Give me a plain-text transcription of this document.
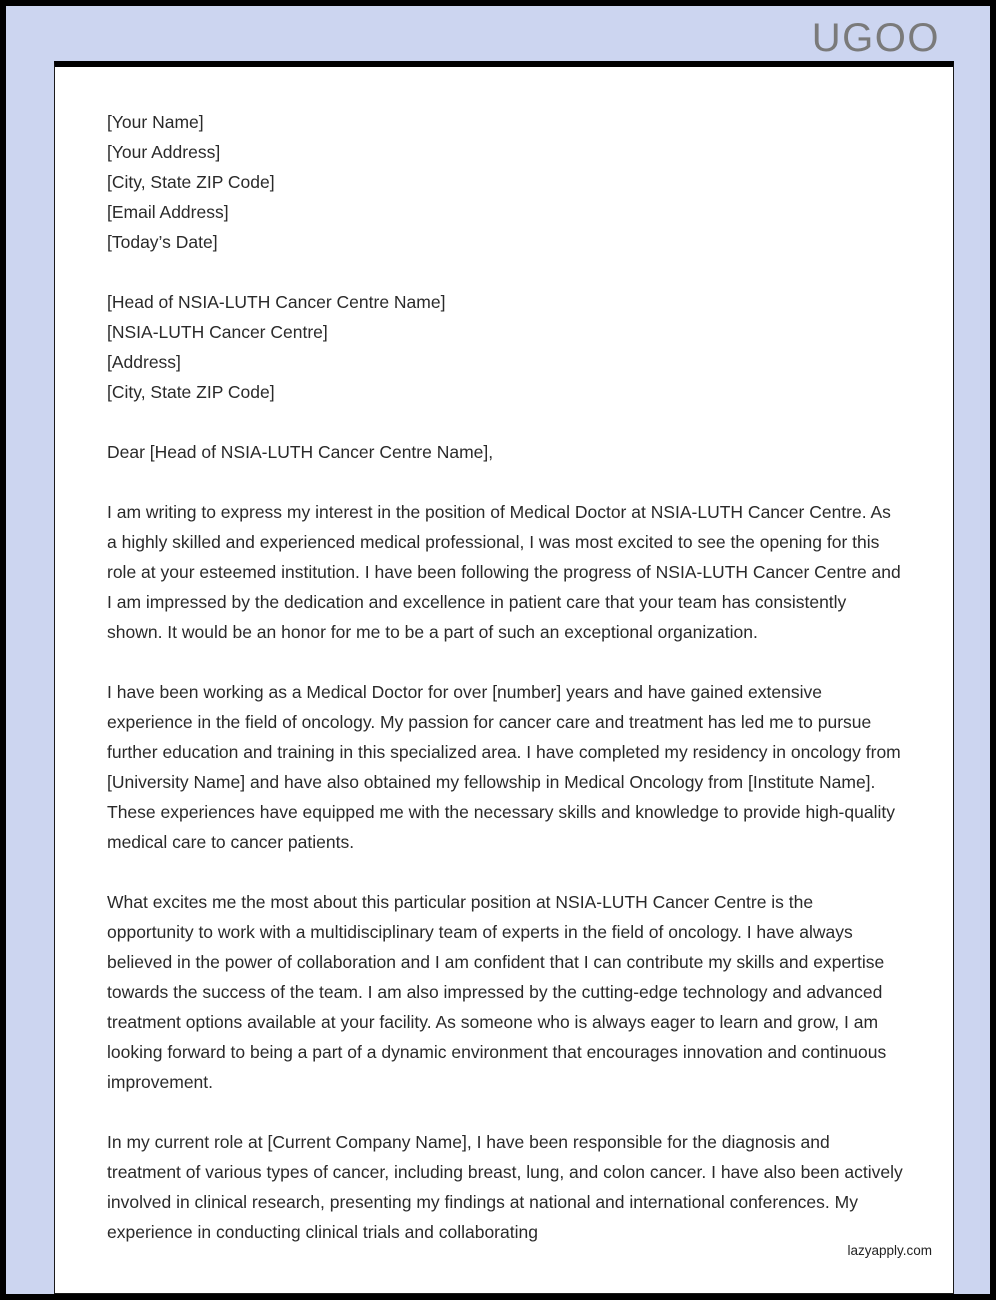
UGOO
[Your Name]
[Your Address]
[City, State ZIP Code]
[Email Address]
[Today’s Date]
[Head of NSIA-LUTH Cancer Centre Name]
[NSIA-LUTH Cancer Centre]
[Address]
[City, State ZIP Code]
Dear [Head of NSIA-LUTH Cancer Centre Name],

I am writing to express my interest in the position of Medical Doctor at NSIA-LUTH Cancer Centre. As a highly skilled and experienced medical professional, I was most excited to see the opening for this role at your esteemed institution. I have been following the progress of NSIA-LUTH Cancer Centre and I am impressed by the dedication and excellence in patient care that your team has consistently shown. It would be an honor for me to be a part of such an exceptional organization.

I have been working as a Medical Doctor for over [number] years and have gained extensive experience in the field of oncology. My passion for cancer care and treatment has led me to pursue further education and training in this specialized area. I have completed my residency in oncology from [University Name] and have also obtained my fellowship in Medical Oncology from [Institute Name]. These experiences have equipped me with the necessary skills and knowledge to provide high-quality medical care to cancer patients.

What excites me the most about this particular position at NSIA-LUTH Cancer Centre is the opportunity to work with a multidisciplinary team of experts in the field of oncology. I have always believed in the power of collaboration and I am confident that I can contribute my skills and expertise towards the success of the team. I am also impressed by the cutting-edge technology and advanced treatment options available at your facility. As someone who is always eager to learn and grow, I am looking forward to being a part of a dynamic environment that encourages innovation and continuous improvement.

In my current role at [Current Company Name], I have been responsible for the diagnosis and treatment of various types of cancer, including breast, lung, and colon cancer. I have also been actively involved in clinical research, presenting my findings at national and international conferences. My experience in conducting clinical trials and collaborating

lazyapply.com
